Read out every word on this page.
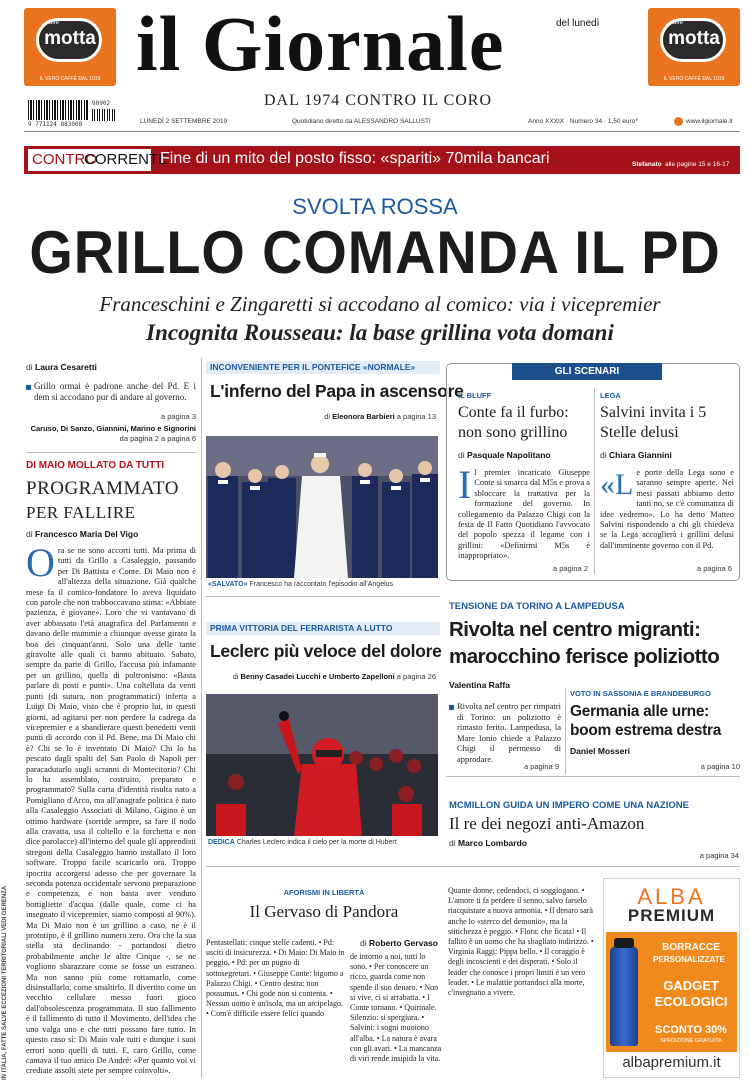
caffè
motta
IL VERO CAFFÈ DAL 1919
caffè
motta
IL VERO CAFFÈ DAL 1919
il Giornale	del lunedì
DAL 1974 CONTRO IL CORO
9 771124 883008
90902
LUNEDÌ 2 SETTEMBRE 2019	Quotidiano diretto da ALESSANDRO SALLUSTI	Anno XXXIX · Numero 34 · 1,50 euro*	www.ilgiornale.it
CONTRO
CORRENTE
Fine di un mito del posto fisso: «spariti» 70mila bancari	Stefanato alle pagine 15 e 16-17
SVOLTA ROSSA
GRILLO COMANDA IL PD
Franceschini e Zingaretti si accodano al comico: via i vicepremier
Incognita Rousseau: la base grillina vota domani
di Laura Cesaretti
Grillo ormai è padrone anche del Pd. E i dem si accodano pur di andare al governo.
a pagina 3
Caruso, Di Sanzo, Giannini, Marino e Signorini
da pagina 2 a pagina 6
DI MAIO MOLLATO DA TUTTI
PROGRAMMATO
PER FALLIRE
di Francesco Maria Del Vigo
Ora se ne sono accorti tutti. Ma prima di tutti da Grillo a Casaleggio, passando per Di Battista e Conte. Di Maio non è all'altezza della situazione. Già qualche mese fa il comico-fondatore lo aveva liquidato con parole che non trabboccavano stima: «Abbiate pazienza, è giovane». Loro che vi vantavano di aver abbassato l'età anagrafica del Parlamento e davano delle mummie a chiunque avesse girato la boa dei cinquant'anni. Solo una delle tante giravolte alle quali ci hanno abituato. Sabato, sempre da parte di Grillo, l'accusa più infamante per un grillino, quella di poltronismo: «Basta parlare di posti e punti». Una coltellata da venti punti (di sutura, non programmatici) inferta a Luigi Di Maio, visto che è proprio lui, in questi giorni, ad agitarsi per non perdere la cadrega da vicepremier e a sbandierare questi benedetti venti punti di accordo con il Pd. Bene, ma Di Maio chi è? Chi se lo è inventato Di Maio? Chi lo ha pescato dagli spalti del San Paolo di Napoli per paracadutarlo sugli scranni di Montecitorio? Chi lo ha assemblato, costruito, preparato e programmato? Sulla carta d'identità risulta nato a Pomigliano d'Arco, ma all'anagrafe politica è nato alla Casaleggio Associati di Milano. Gigino è un ottimo hardware (sorride sempre, sa fare il nodo alla cravatta, usa il coltello e la forchetta e non dice parolacce) all'interno del quale gli apprendisti stregoni della Casaleggio hanno installato il loro software. Troppo facile scaricarlo ora. Troppo ipocrita accorgersi adesso che per governare la seconda potenza occidentale servono preparazione e competenza, e non basta aver venduto bottigliette d'acqua (dalle quale, come ci ha insegnato il vicepremier, siamo composti al 90%). Ma Di Maio non è un grillino a caso, ne è il prototipo, è il grillino numero zero. Ora che la sua stella sta declinando - portandosi dietro probabilmente anche le altre Cinque -, se ne vogliono sbarazzare come se fosse un estraneo. Ma non sanno più come rottamarlo, come disinstallarlo, come smaltirlo. Il divertito come un vecchio cellulare messo fuori gioco dall'obsolescenza programmata. Il suo fallimento è il fallimento di tutto il Movimento, dell'idea che uno valga uno e che tutti possano fare tutto. In questo caso sì: Di Maio vale tutti e dunque i suoi errori sono quelli di tutti. E, caro Grillo, come cantava il tuo amico De André: «Per quanto voi vi crediate assolti siete per sempre coinvolti».
IN ITALIA, FATTE SALVE ECCEZIONI TERRITORIALI VEDI GERENZA
INCONVENIENTE PER IL PONTEFICE «NORMALE»
L'inferno del Papa in ascensore
di Eleonora Barbieri a pagina 13
«SALVATO» Francesco ha raccontato l'episodio all'Angelus
PRIMA VITTORIA DEL FERRARISTA A LUTTO
Leclerc più veloce del dolore
di Benny Casadei Lucchi e Umberto Zapelloni a pagina 26
DEDICA Charles Leclerc indica il cielo per la morte di Hubert
GLI SCENARI
IL BLUFF
Conte fa il furbo: non sono grillino
di Pasquale Napolitano
Il premier incaricato Giuseppe Conte si smarca dal M5s e prova a sbloccare la trattativa per la formazione del governo. In collegamento da Palazzo Chigi con la festa de Il Fatto Quotidiano l'avvocato del popolo spezza il legame con i grillini: «Definirmi M5s è inappropriato».
a pagina 2
LEGA
Salvini invita i 5 Stelle delusi
di Chiara Giannini
«Le porte della Lega sono e saranno sempre aperte. Nei mesi passati abbiamo detto tanti no, se c'è comunanza di idee vedremo». Lo ha detto Matteo Salvini rispondendo a chi gli chiedeva se la Lega accoglierà i grillini delusi dall'imminente governo con il Pd.
a pagina 6
TENSIONE DA TORINO A LAMPEDUSA
Rivolta nel centro migranti: marocchino ferisce poliziotto
Valentina Raffa
Rivolta nel centro per rimpatri di Torino: un poliziotto è rimasto ferito. Lampedusa, la Mare Ionio chiede a Palazzo Chigi il permesso di approdare.
a pagina 9
VOTO IN SASSONIA E BRANDEBURGO
Germania alle urne: boom estrema destra
Daniel Mosseri
a pagina 10
MCMILLON GUIDA UN IMPERO COME UNA NAZIONE
Il re dei negozi anti-Amazon
di Marco Lombardo
a pagina 34
AFORISMI IN LIBERTÀ
Il Gervaso di Pandora
di Roberto Gervaso
Pentastellati: cinque stelle cadenti. • Pd: usciti di insicurezza. • Di Maio: Di Maio in peggio. • Pd: per un pugno di sottosegretari. • Giuseppe Conte: bigomo a Palazzo Chigi. • Centro destra: non possumus. • Chi gode non si contenta. • Nessun uomo è un'isola, ma un arcipelago. • Com'è difficile essere felici quando
de intorno a noi, tutti lo sono. • Per conoscere un ricco, guarda come non spende il suo denaro. • Non si vive, ci si arrabatta. • I Conte tornano. • Quirinale. Silenzio: si spergiura. • Salvini: i sogni muoiono all'alba. • La natura è avara con gli avari. • La mancanza di viri rende insipida la vita.
Quante donne, cedendoci, ci soggiogano. • L'amore ti fa perdere il senno, salvo farselo riacquistare a nuova armonia. • Il denaro sarà anche lo «sterco del demonio», ma la stitichezza è peggio. • Flora: che ficata! • Il fallito è un uomo che ha sbagliato indirizzo. • Virginia Raggi: Pippa bello. • Il coraggio è degli incoscienti e dei disperati. • Solo il leader che conosce i propri limiti è un vero leader. • Le malattie portandoci alla morte, c'insegnano a vivere.
ALBA
PREMIUM
BORRACCE
PERSONALIZZATE
GADGET
ECOLOGICI
SCONTO 30%
SPEDIZIONE GRATUITA
albapremium.it
